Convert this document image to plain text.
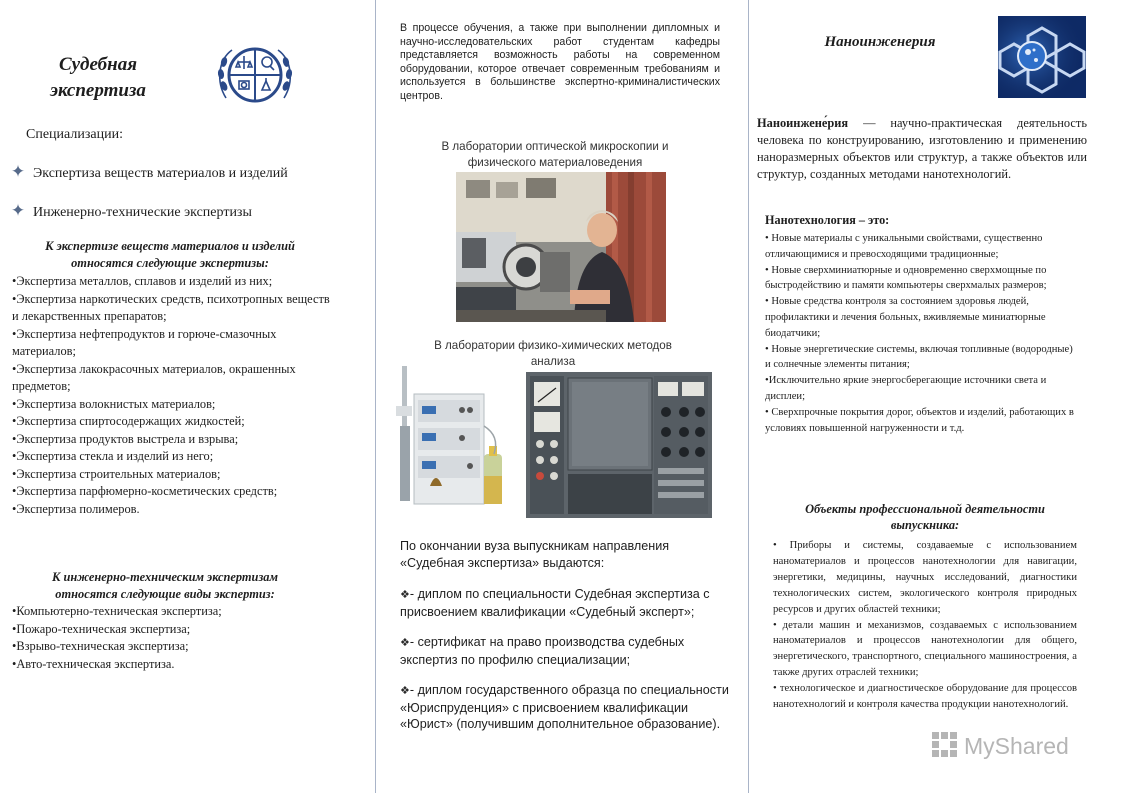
Судебная
экспертиза
Специализации:
✦ Экспертиза веществ материалов и изделий
✦ Инженерно-технические экспертизы
К экспертизе веществ материалов и изделий
относятся следующие экспертизы:
•Экспертиза металлов, сплавов и изделий из них;
•Экспертиза наркотических средств, психотропных веществ и лекарственных препаратов;
•Экспертиза нефтепродуктов и горюче-смазочных материалов;
•Экспертиза лакокрасочных материалов, окрашенных предметов;
•Экспертиза волокнистых материалов;
•Экспертиза спиртосодержащих жидкостей;
•Экспертиза продуктов выстрела и взрыва;
•Экспертиза стекла и изделий из него;
•Экспертиза строительных материалов;
•Экспертиза парфюмерно-косметических средств;
•Экспертиза полимеров.
К инженерно-техническим экспертизам
относятся следующие виды экспертиз:
•Компьютерно-техническая экспертиза;
•Пожаро-техническая экспертиза;
•Взрыво-техническая экспертиза;
•Авто-техническая экспертиза.
В процессе обучения, а также при выполнении дипломных и научно-исследовательских работ студентам кафедры представляется возможность работы на современном оборудовании, которое отвечает современным требованиям и используется в большинстве экспертно-криминалистических центров.
В лаборатории оптической микроскопии и
физического материаловедения
В лаборатории физико-химических методов
анализа
По окончании вуза выпускникам направления «Судебная экспертиза» выдаются:
❖- диплом по специальности Судебная экспертиза с присвоением квалификации «Судебный эксперт»;
❖- сертификат на право производства судебных экспертиз по профилю специализации;
❖- диплом государственного образца по специальности «Юриспруденция» с присвоением квалификации «Юрист» (получившим дополнительное образование).
Наноинженерия
Наноинжене́рия — научно-практическая деятельность человека по конструированию, изготовлению и применению наноразмерных объектов или структур, а также объектов или структур, созданных методами нанотехнологий.
Нанотехнология – это:
• Новые материалы с уникальными свойствами, существенно отличающимися и превосходящими традиционные;
• Новые сверхминиатюрные и одновременно сверхмощные по быстродействию и памяти компьютеры сверхмалых размеров;
• Новые средства контроля за состоянием здоровья людей, профилактики и лечения больных, вживляемые миниатюрные биодатчики;
• Новые энергетические системы, включая топливные (водородные) и солнечные элементы питания;
•Исключительно яркие энергосберегающие источники света и дисплеи;
• Сверхпрочные покрытия дорог, объектов и изделий, работающих в условиях повышенной нагруженности и т.д.
Объекты профессиональной деятельности
выпускника:
• Приборы и системы, создаваемые с использованием наноматериалов и процессов нанотехнологии для навигации, энергетики, медицины, научных исследований, диагностики технологических систем, экологического контроля природных ресурсов и других областей техники;
• детали машин и механизмов, создаваемых с использованием наноматериалов и процессов нанотехнологии для общего, энергетического, транспортного, специального машиностроения, а также других отраслей техники;
• технологическое и диагностическое оборудование для процессов нанотехнологий и контроля качества продукции нанотехнологий.
MyShared
